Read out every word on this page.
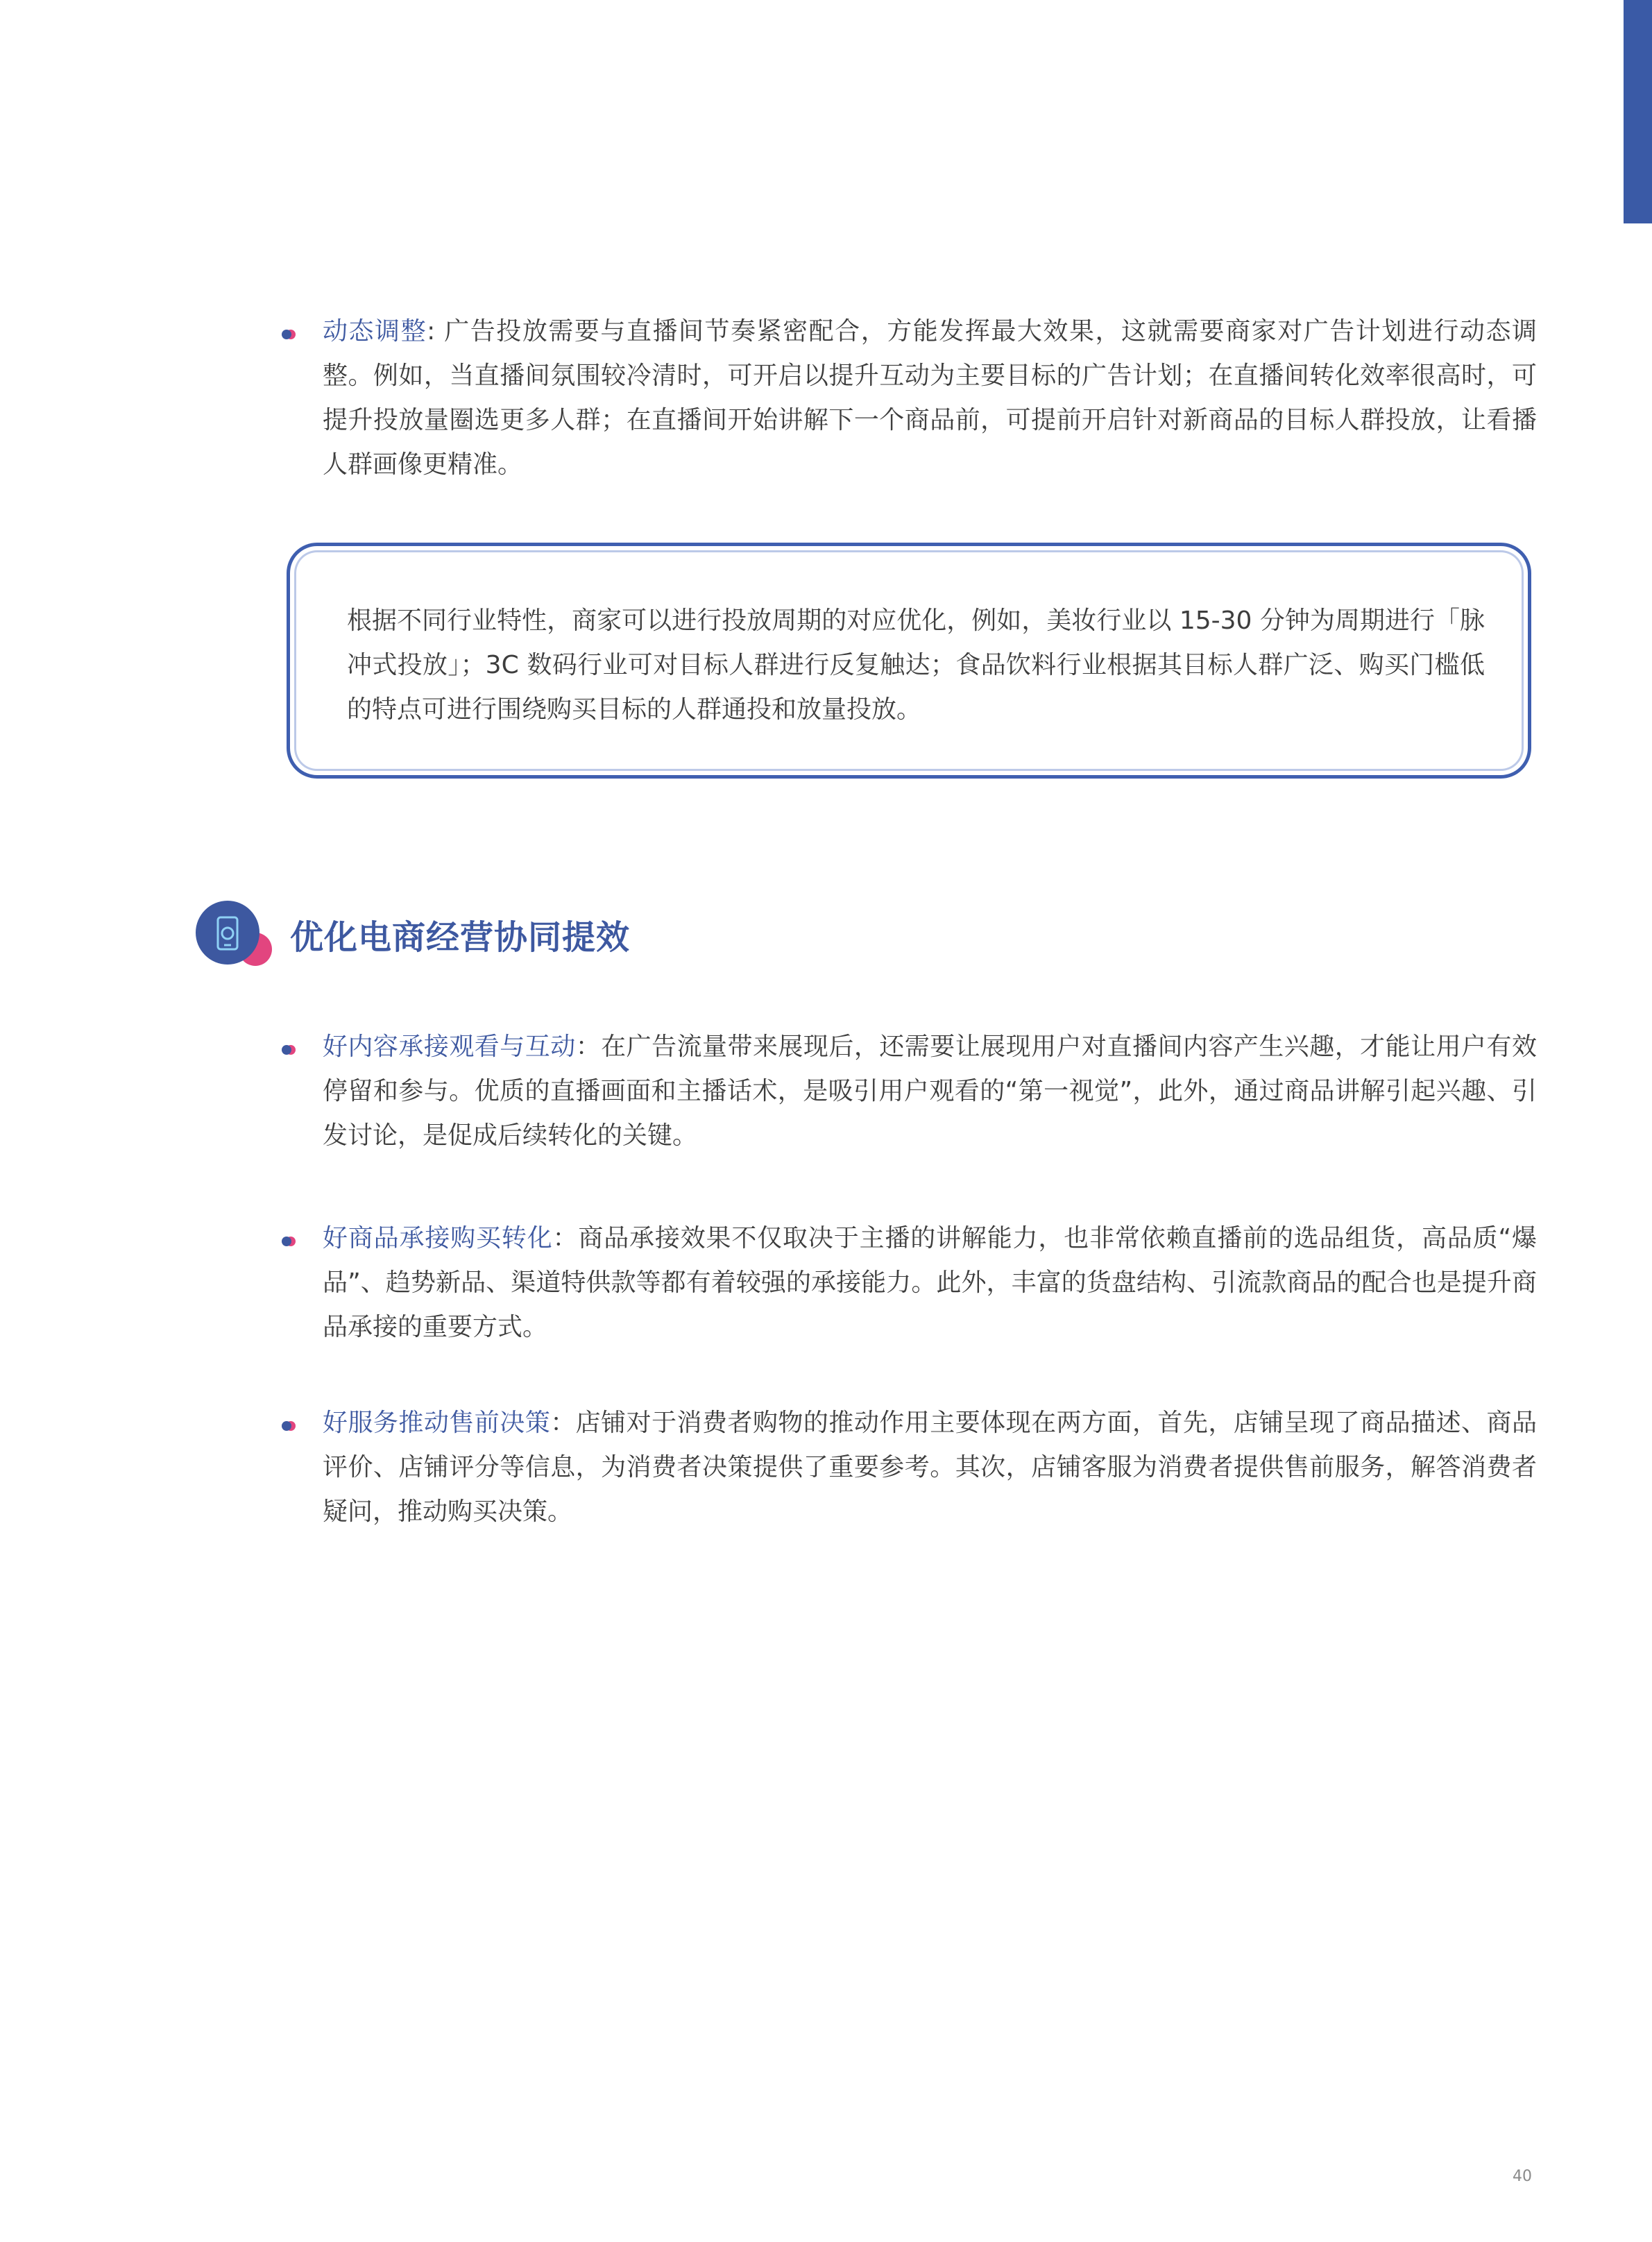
动态调整: 广告投放需要与直播间节奏紧密配合，方能发挥最大效果，这就需要商家对广告计划进行动态调整。例如，当直播间氛围较冷清时，可开启以提升互动为主要目标的广告计划；在直播间转化效率很高时，可提升投放量圈选更多人群；在直播间开始讲解下一个商品前，可提前开启针对新商品的目标人群投放，让看播人群画像更精准。
根据不同行业特性，商家可以进行投放周期的对应优化，例如，美妆行业以 15-30 分钟为周期进行「脉冲式投放」；3C 数码行业可对目标人群进行反复触达；食品饮料行业根据其目标人群广泛、购买门槛低的特点可进行围绕购买目标的人群通投和放量投放。
优化电商经营协同提效
好内容承接观看与互动：在广告流量带来展现后，还需要让展现用户对直播间内容产生兴趣，才能让用户有效停留和参与。优质的直播画面和主播话术，是吸引用户观看的“第一视觉”，此外，通过商品讲解引起兴趣、引发讨论，是促成后续转化的关键。
好商品承接购买转化：商品承接效果不仅取决于主播的讲解能力，也非常依赖直播前的选品组货，高品质“爆品”、趋势新品、渠道特供款等都有着较强的承接能力。此外，丰富的货盘结构、引流款商品的配合也是提升商品承接的重要方式。
好服务推动售前决策：店铺对于消费者购物的推动作用主要体现在两方面，首先，店铺呈现了商品描述、商品评价、店铺评分等信息，为消费者决策提供了重要参考。其次，店铺客服为消费者提供售前服务，解答消费者疑问，推动购买决策。
40
